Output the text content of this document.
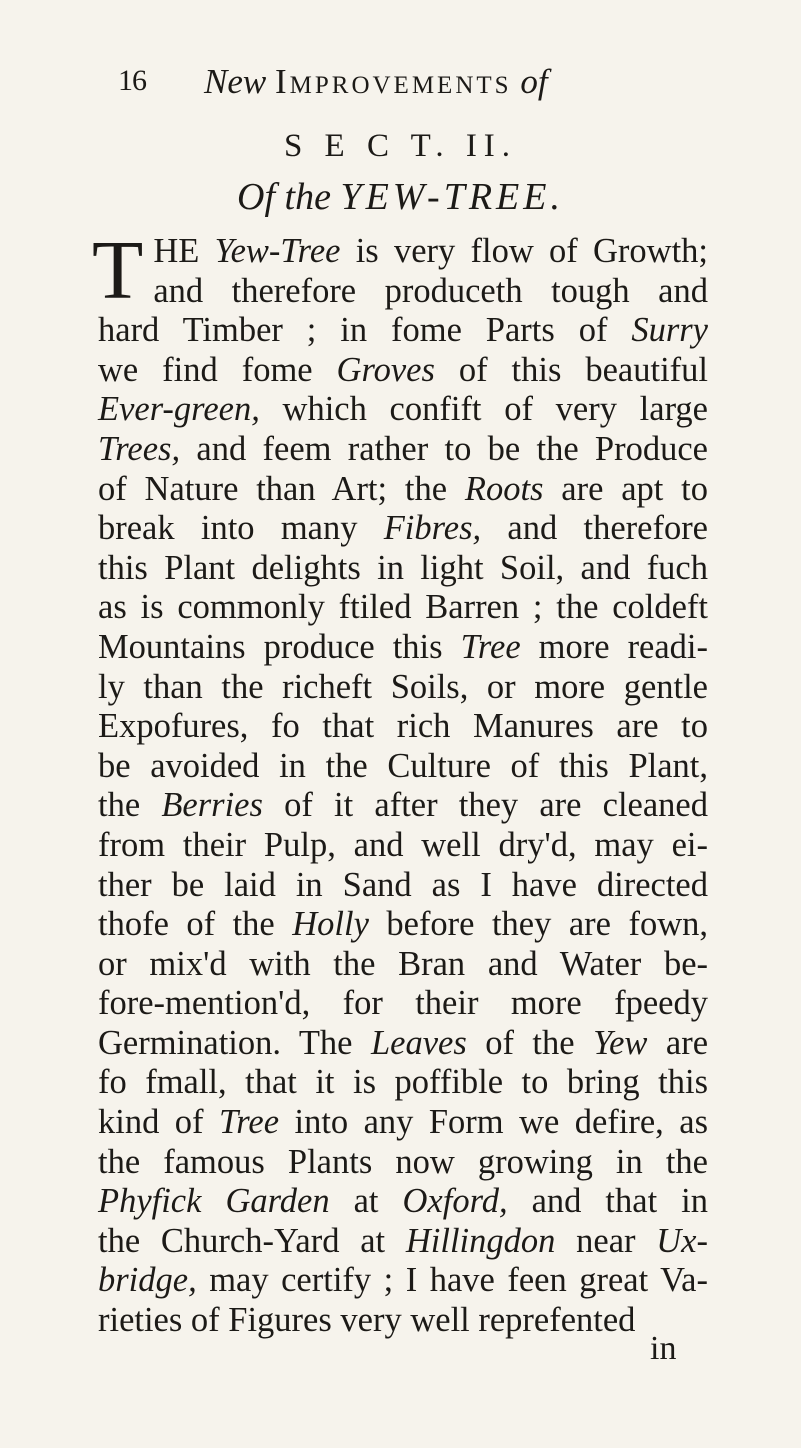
16 New Improvements of
S E C T. II.
Of the YEW-TREE.
T HE Yew-Tree is very flow of Growth;
and therefore produceth tough and
hard Timber ; in fome Parts of Surry
we find fome Groves of this beautiful
Ever-green, which confift of very large
Trees, and feem rather to be the Produce
of Nature than Art; the Roots are apt to
break into many Fibres, and therefore
this Plant delights in light Soil, and fuch
as is commonly ftiled Barren ; the coldeft
Mountains produce this Tree more readi-
ly than the richeft Soils, or more gentle
Expofures, fo that rich Manures are to
be avoided in the Culture of this Plant,
the Berries of it after they are cleaned
from their Pulp, and well dry'd, may ei-
ther be laid in Sand as I have directed
thofe of the Holly before they are fown,
or mix'd with the Bran and Water be-
fore-mention'd, for their more fpeedy
Germination. The Leaves of the Yew are
fo fmall, that it is poffible to bring this
kind of Tree into any Form we defire, as
the famous Plants now growing in the
Phyfick Garden at Oxford, and that in
the Church-Yard at Hillingdon near Ux-
bridge, may certify ; I have feen great Va-
rieties of Figures very well reprefented
in
